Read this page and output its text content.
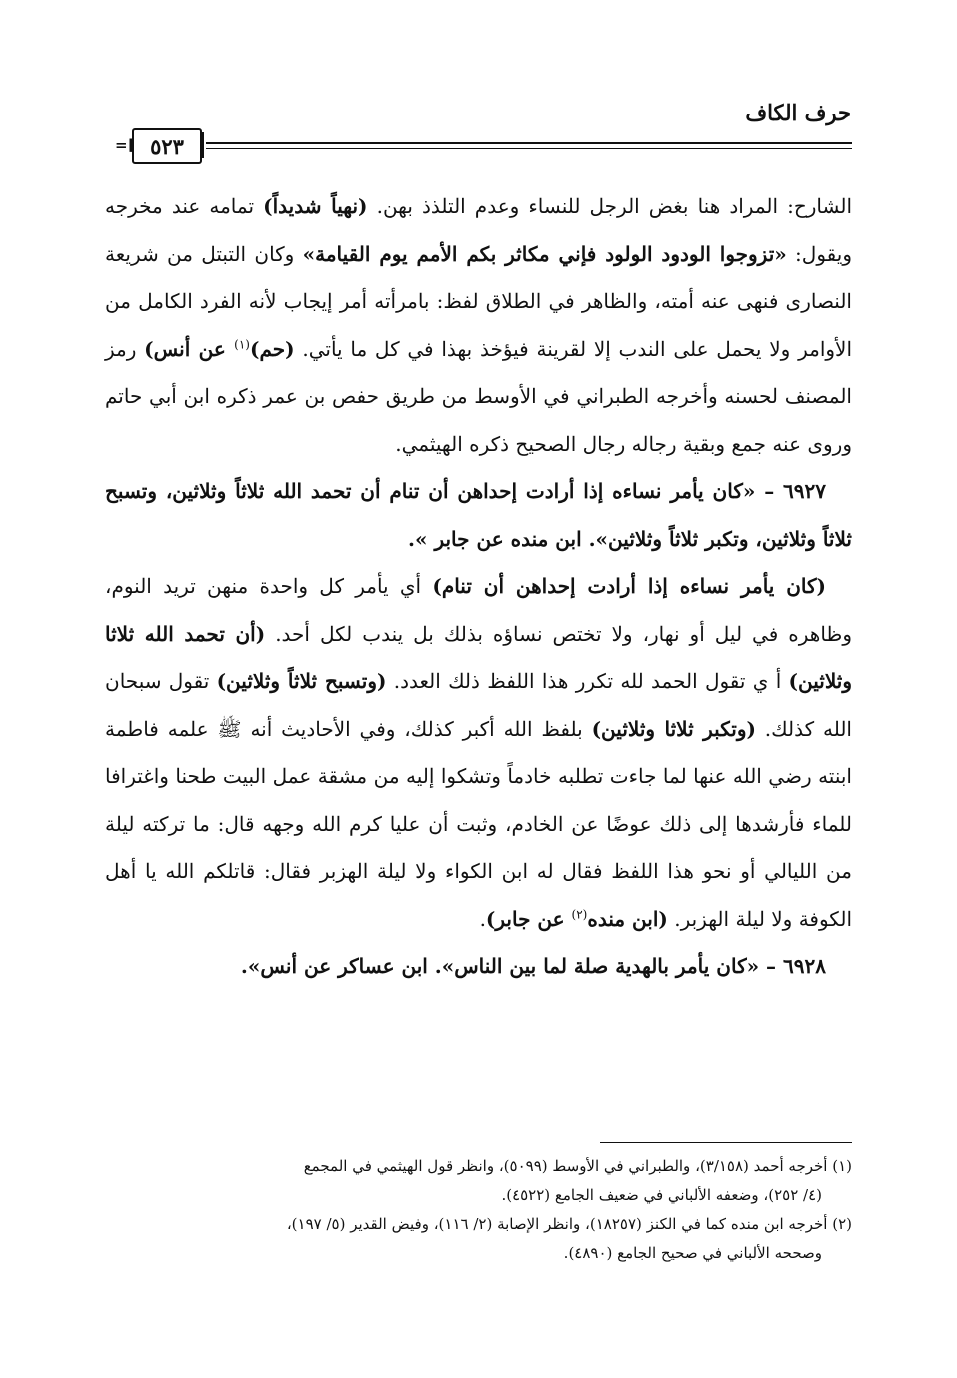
حرف الكاف
=[ ٥٢٣

الشارح: المراد هنا بغض الرجل للنساء وعدم التلذذ بهن. (نهياً شديداً) تمامه عند مخرجه ويقول: «تزوجوا الودود الولود فإني مكاثر بكم الأمم يوم القيامة» وكان التبتل من شريعة النصارى فنهى عنه أمته، والظاهر في الطلاق لفظ: بامرأته أمر إيجاب لأنه الفرد الكامل من الأوامر ولا يحمل على الندب إلا لقرينة فيؤخذ بهذا في كل ما يأتي. (حم)$^{(١)}$ عن أنس) رمز المصنف لحسنه وأخرجه الطبراني في الأوسط من طريق حفص بن عمر ذكره ابن أبي حاتم وروى عنه جمع وبقية رجاله رجال الصحيح ذكره الهيثمي.

٦٩٢٧ – «كان يأمر نساءه إذا أرادت إحداهن أن تنام أن تحمد الله ثلاثاً وثلاثين، وتسبح ثلاثاً وثلاثين، وتكبر ثلاثاً وثلاثين». ابن منده عن جابر ».

(كان يأمر نساءه إذا أرادت إحداهن أن تنام) أي يأمر كل واحدة منهن تريد النوم، وظاهره في ليل أو نهار، ولا تختص نساؤه بذلك بل يندب لكل أحد. (أن تحمد الله ثلاثا وثلاثين) أ ي تقول الحمد لله تكرر هذا اللفظ ذلك العدد. (وتسبح ثلاثاً وثلاثين) تقول سبحان الله كذلك. (وتكبر ثلاثا وثلاثين) بلفظ الله أكبر كذلك، وفي الأحاديث أنه ﷺ علمه فاطمة ابنته رضي الله عنها لما جاءت تطلبه خادماً وتشكوا إليه من مشقة عمل البيت طحنا واغترافا للماء فأرشدها إلى ذلك عوضًا عن الخادم، وثبت أن عليا كرم الله وجهه قال: ما تركته ليلة من الليالي أو نحو هذا اللفظ فقال له ابن الكواء ولا ليلة الهزبر فقال: قاتلكم الله يا أهل الكوفة ولا ليلة الهزبر. (ابن منده$^{(٢)}$ عن جابر).

٦٩٢٨ – «كان يأمر بالهدية صلة لما بين الناس». ابن عساكر عن أنس».

(١) أخرجه أحمد (٣/١٥٨)، والطبراني في الأوسط (٥٠٩٩)، وانظر قول الهيثمي في المجمع

(٤/ ٢٥٢)، وضعفه الألباني في ضعيف الجامع (٤٥٢٢).

(٢) أخرجه ابن منده كما في الكنز (١٨٢٥٧)، وانظر الإصابة (٢/ ١١٦)، وفيض القدير (٥/ ١٩٧)،

وصححه الألباني في صحيح الجامع (٤٨٩٠).
